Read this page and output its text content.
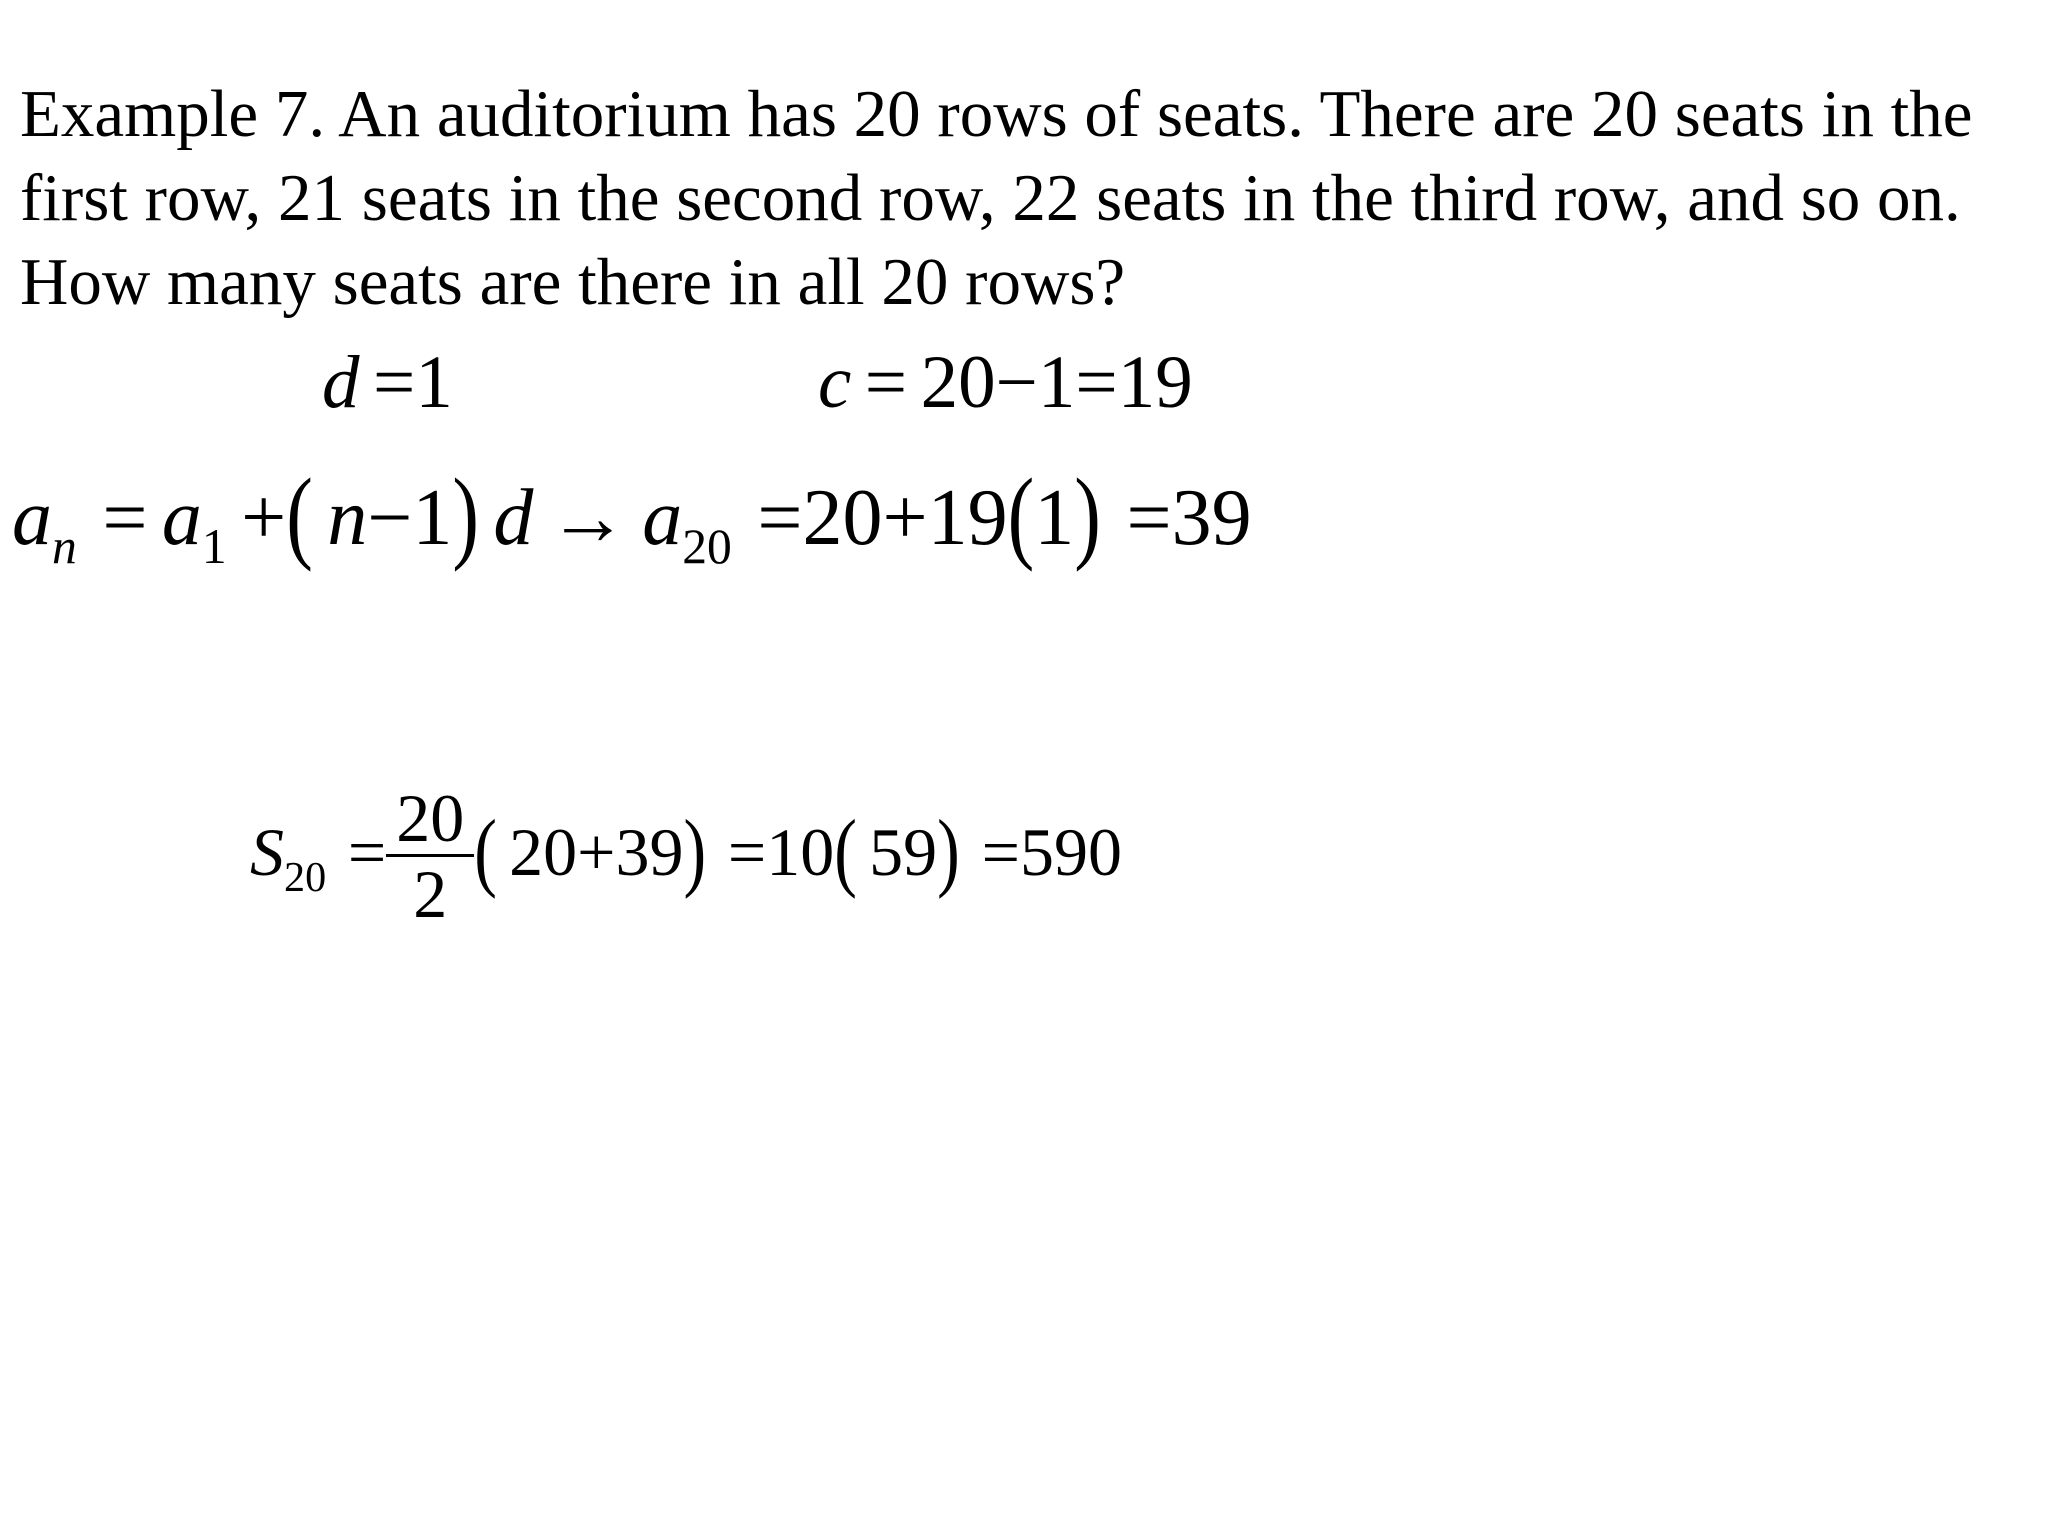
Example 7. An auditorium has 20 rows of seats. There are 20 seats in the first row, 21 seats in the second row, 22 seats in the third row, and so on. How many seats are there in all 20 rows?

d =1	c = 20−1=19
$a_n = a_1$ +( n−1) $d \to a_{20} =20+19(1) =39$
$S_{20} = \frac{20}{2}$ ( 20+39) =10( 59) =590
